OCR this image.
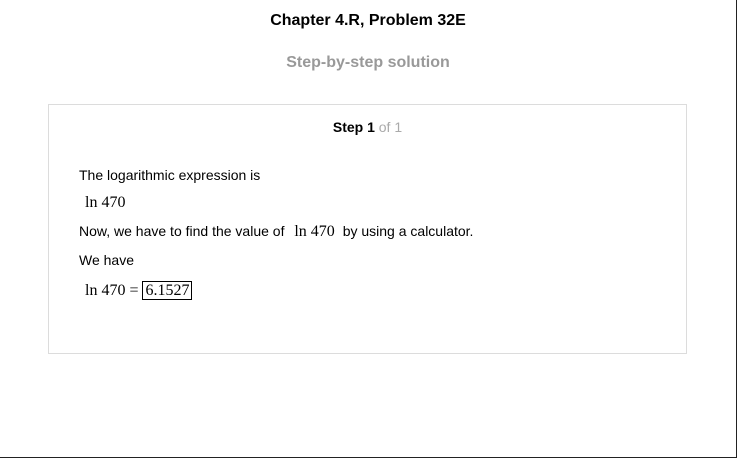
Chapter 4.R, Problem 32E
Step-by-step solution
Step 1 of 1
The logarithmic expression is
ln 470
Now, we have to find the value of ln 470 by using a calculator.
We have
ln 470 = 6.1527
